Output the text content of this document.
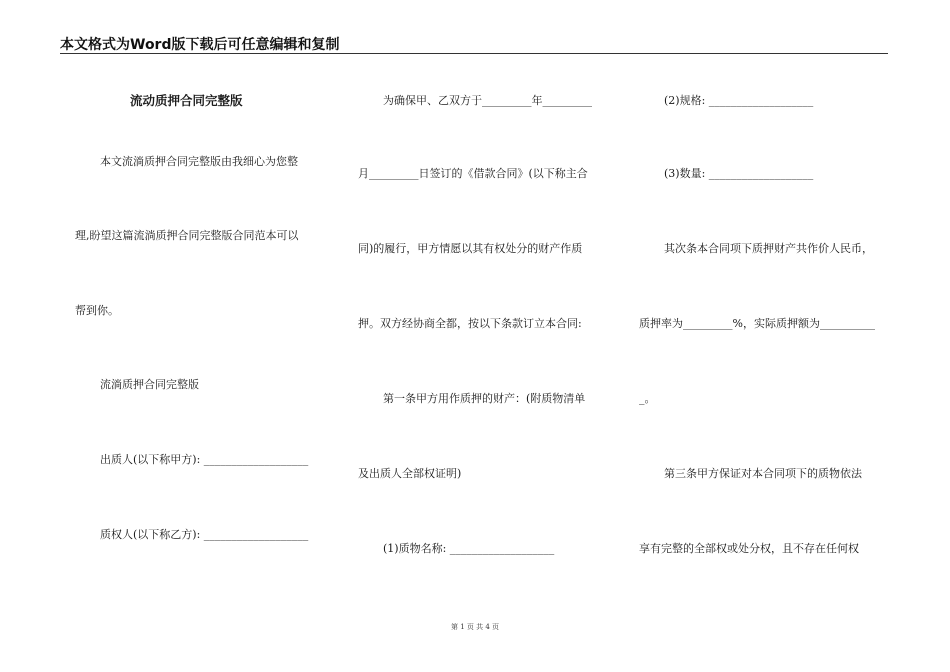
本文格式为Word版下载后可任意编辑和复制
流动质押合同完整版
本文流淌质押合同完整版由我细心为您整
理,盼望这篇流淌质押合同完整版合同范本可以
帮到你。
流淌质押合同完整版
出质人(以下称甲方): ___________________
质权人(以下称乙方): ___________________
为确保甲、乙双方于_________年_________
月_________日签订的《借款合同》(以下称主合
同)的履行，甲方情愿以其有权处分的财产作质
押。双方经协商全都，按以下条款订立本合同:
第一条甲方用作质押的财产：(附质物清单
及出质人全部权证明)
(1)质物名称: ___________________
(2)规格: ___________________
(3)数量: ___________________
其次条本合同项下质押财产共作价人民币，
质押率为_________%，实际质押额为__________
_。
第三条甲方保证对本合同项下的质物依法
享有完整的全部权或处分权，且不存在任何权
第 1 页 共 4 页
